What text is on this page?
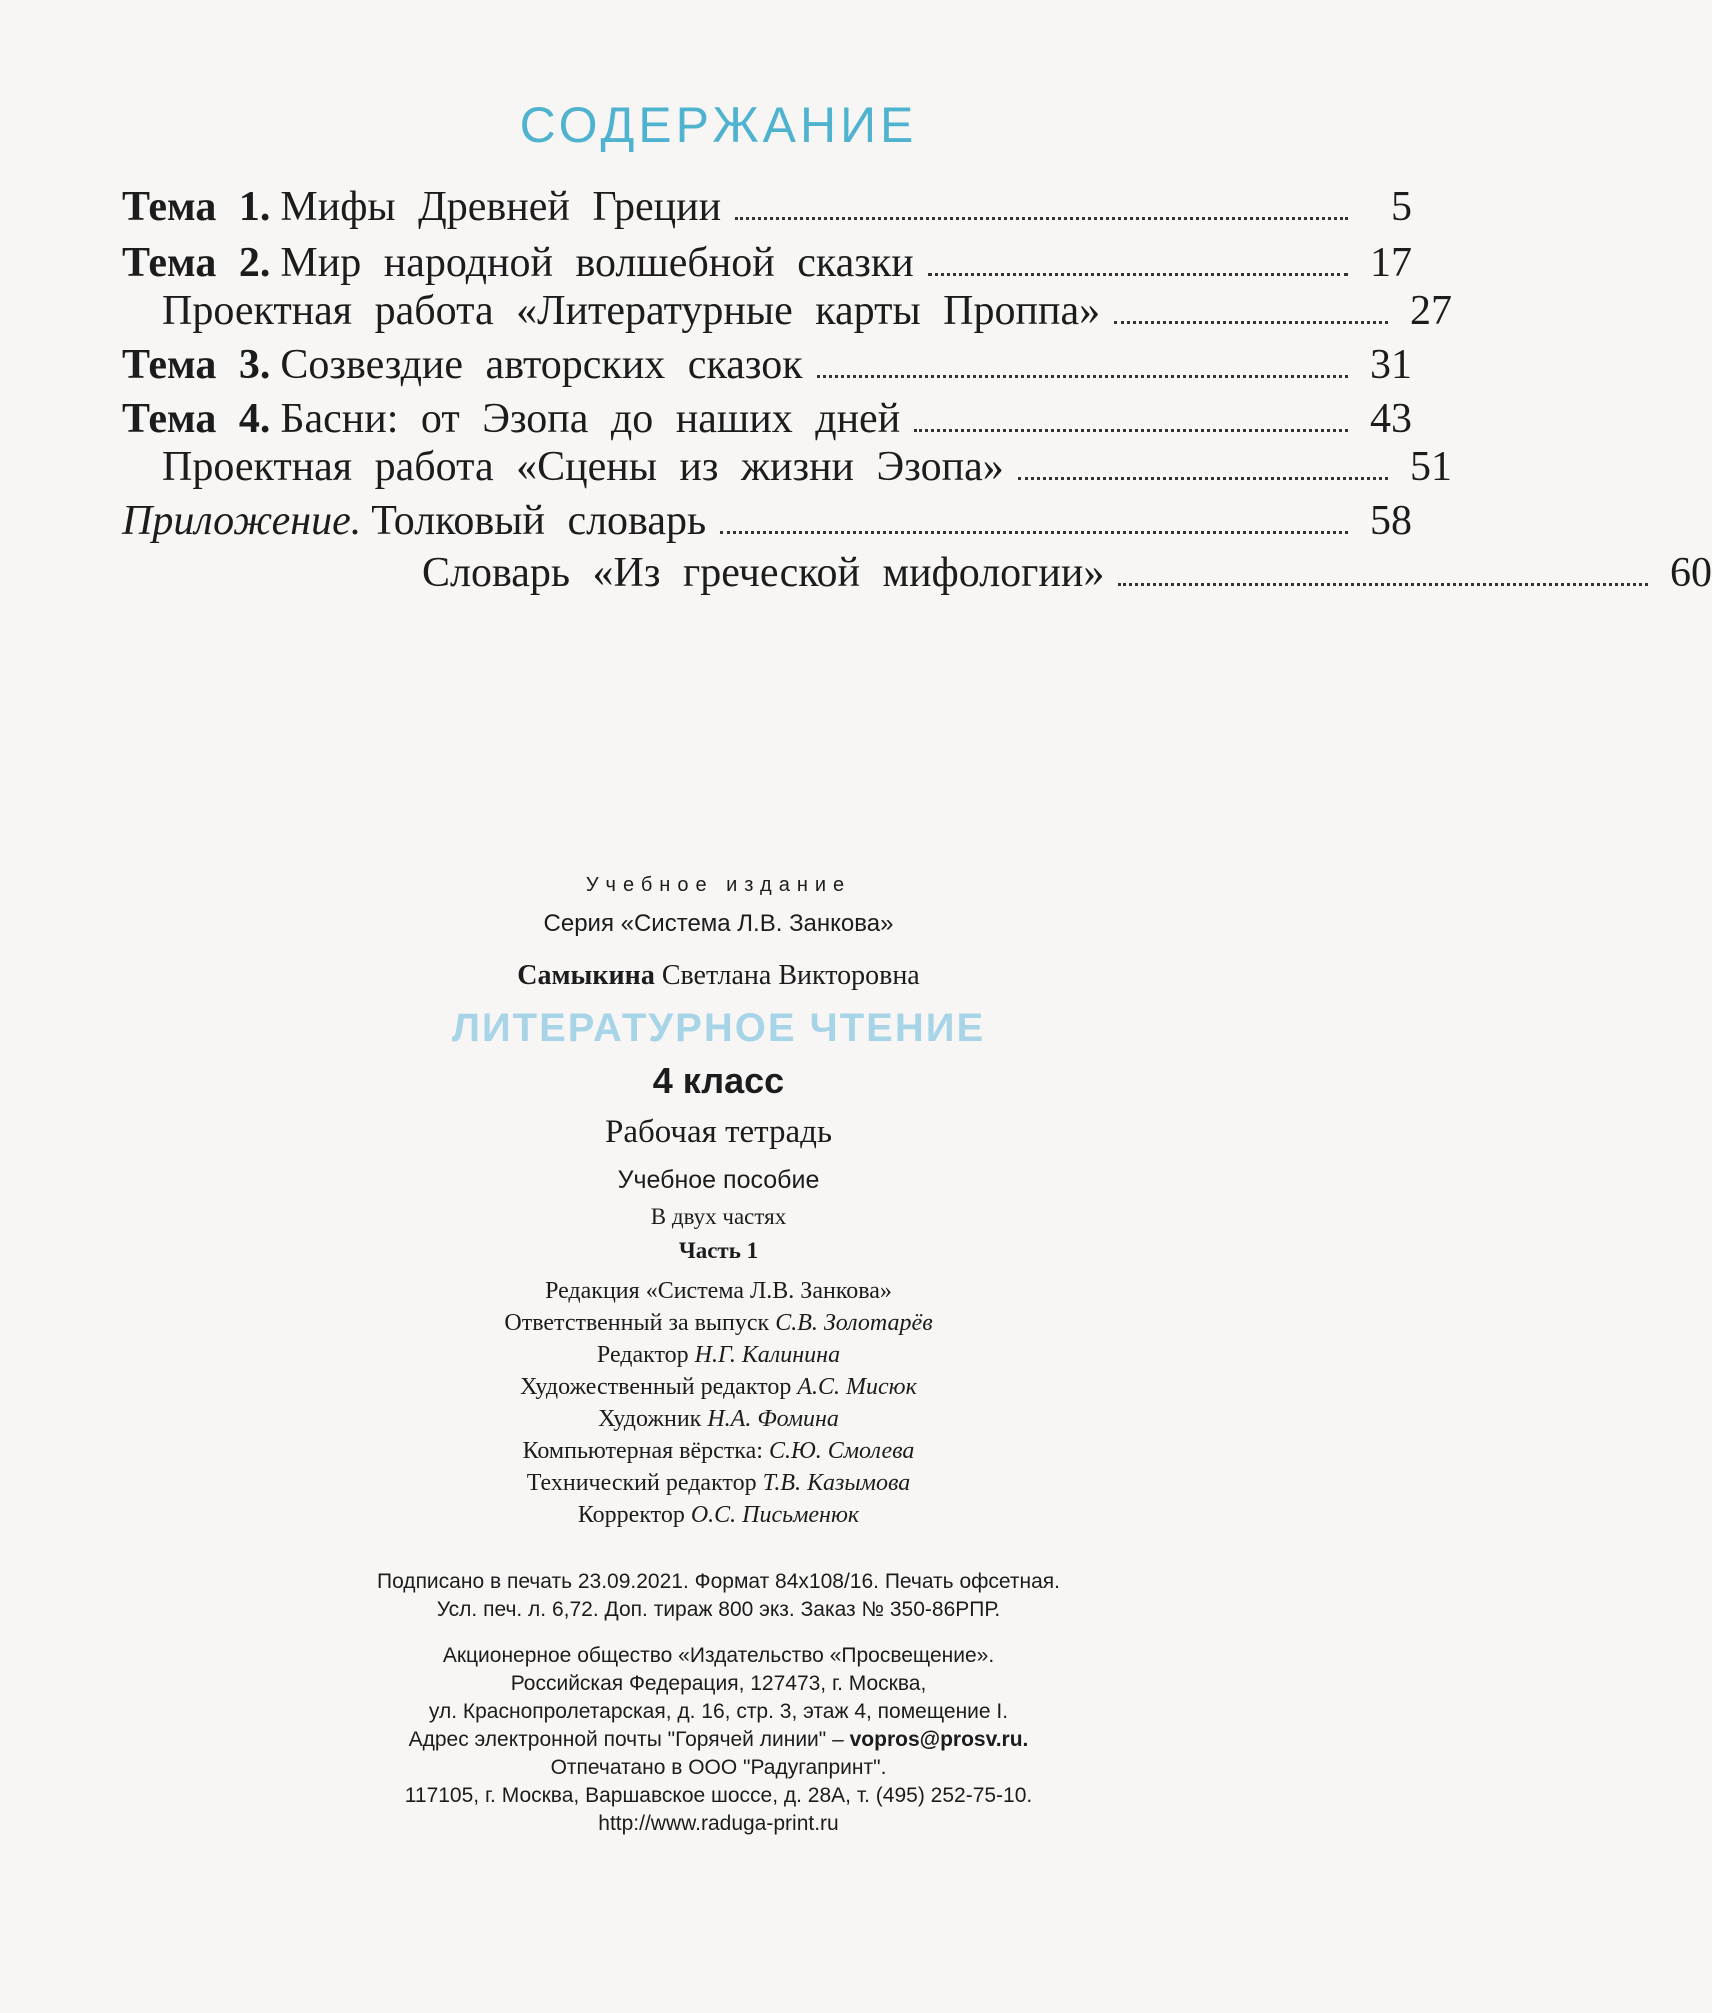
СОДЕРЖАНИЕ
Тема 1. Мифы Древней Греции	5
Тема 2. Мир народной волшебной сказки	17
Проектная работа «Литературные карты Проппа»	27
Тема 3. Созвездие авторских сказок	31
Тема 4. Басни: от Эзопа до наших дней	43
Проектная работа «Сцены из жизни Эзопа»	51
Приложение. Толковый словарь	58
Словарь «Из греческой мифологии»	60
Учебное издание
Серия «Система Л.В. Занкова»
Самыкина Светлана Викторовна
ЛИТЕРАТУРНОЕ ЧТЕНИЕ
4 класс
Рабочая тетрадь
Учебное пособие
В двух частях
Часть 1
Редакция «Система Л.В. Занкова»
Ответственный за выпуск С.В. Золотарёв
Редактор Н.Г. Калинина
Художественный редактор А.С. Мисюк
Художник Н.А. Фомина
Компьютерная вёрстка: С.Ю. Смолева
Технический редактор Т.В. Казымова
Корректор О.С. Письменюк
Подписано в печать 23.09.2021. Формат 84x108/16. Печать офсетная.
Усл. печ. л. 6,72. Доп. тираж 800 экз. Заказ № 350-86РПР.
Акционерное общество «Издательство «Просвещение».
Российская Федерация, 127473, г. Москва,
ул. Краснопролетарская, д. 16, стр. 3, этаж 4, помещение I.
Адрес электронной почты "Горячей линии" – vopros@prosv.ru.
Отпечатано в ООО "Радугапринт".
117105, г. Москва, Варшавское шоссе, д. 28А, т. (495) 252-75-10.
http://www.raduga-print.ru
